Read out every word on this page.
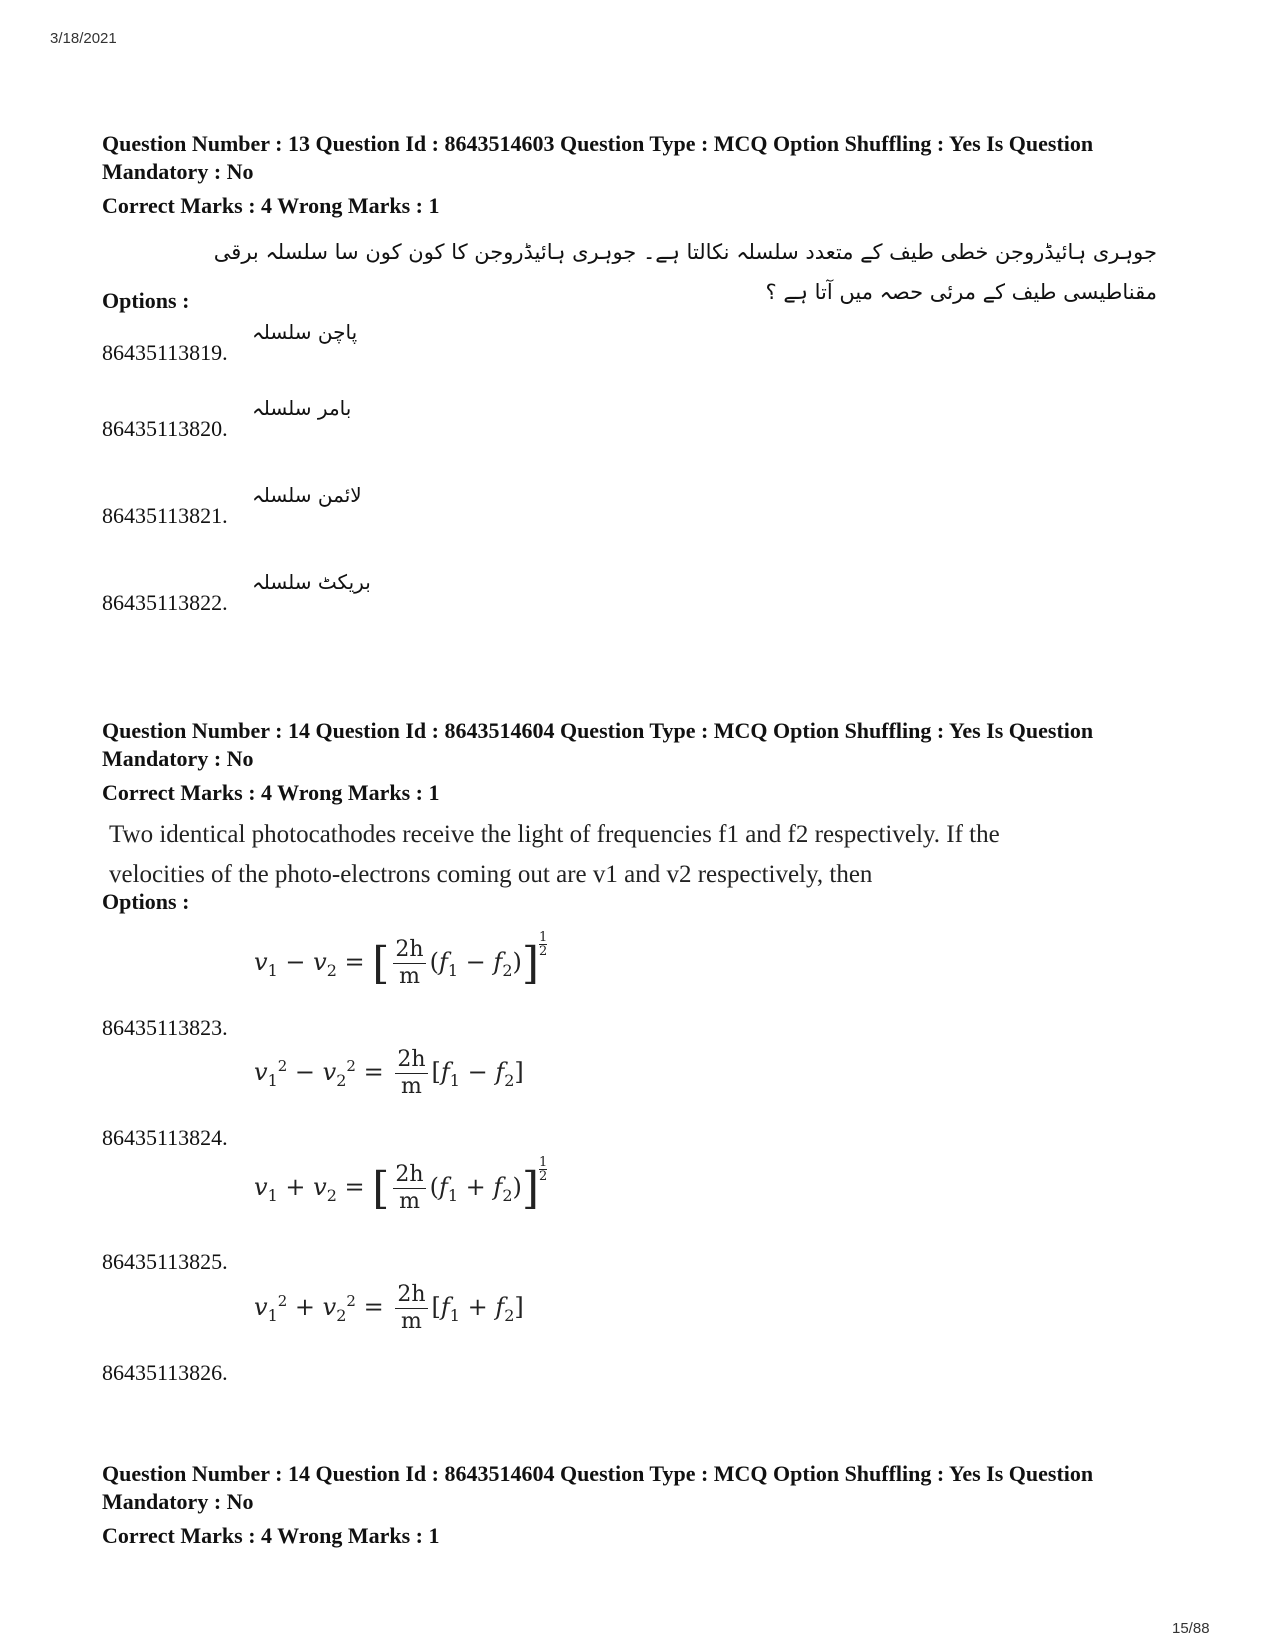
3/18/2021

Question Number : 13 Question Id : 8643514603 Question Type : MCQ Option Shuffling : Yes Is Question Mandatory : No

Correct Marks : 4 Wrong Marks : 1

جوہری ہائیڈروجن خطی طیف کے متعدد سلسلہ نکالتا ہے۔ جوہری ہائیڈروجن کا کون کون سا سلسلہ برقی مقناطیسی طیف کے مرئی حصہ میں آتا ہے ؟
Options :
86435113819.
پاچن سلسلہ
86435113820.
بامر سلسلہ
86435113821.
لائمن سلسلہ
86435113822.
بریکٹ سلسلہ

Question Number : 14 Question Id : 8643514604 Question Type : MCQ Option Shuffling : Yes Is Question Mandatory : No

Correct Marks : 4 Wrong Marks : 1

Two identical photocathodes receive the light of frequencies f1 and f2 respectively. If the
velocities of the photo-electrons coming out are v1 and v2 respectively, then
Options :
$v_1 - v_2$ = [ $\frac{2h}{m} (f_1 - f_2)] \frac{1}{2}$
86435113823.
$v_1^2 - v_2^2 = \frac{2h}{m} [f_1 - f_2]$
86435113824.
$v_1 + v_2$ = [ $\frac{2h}{m} (f_1 + f_2)] \frac{1}{2}$
86435113825.
$v_1^2 + v_2^2 = \frac{2h}{m} [f_1 + f_2]$
86435113826.

Question Number : 14 Question Id : 8643514604 Question Type : MCQ Option Shuffling : Yes Is Question Mandatory : No

Correct Marks : 4 Wrong Marks : 1

15/88
